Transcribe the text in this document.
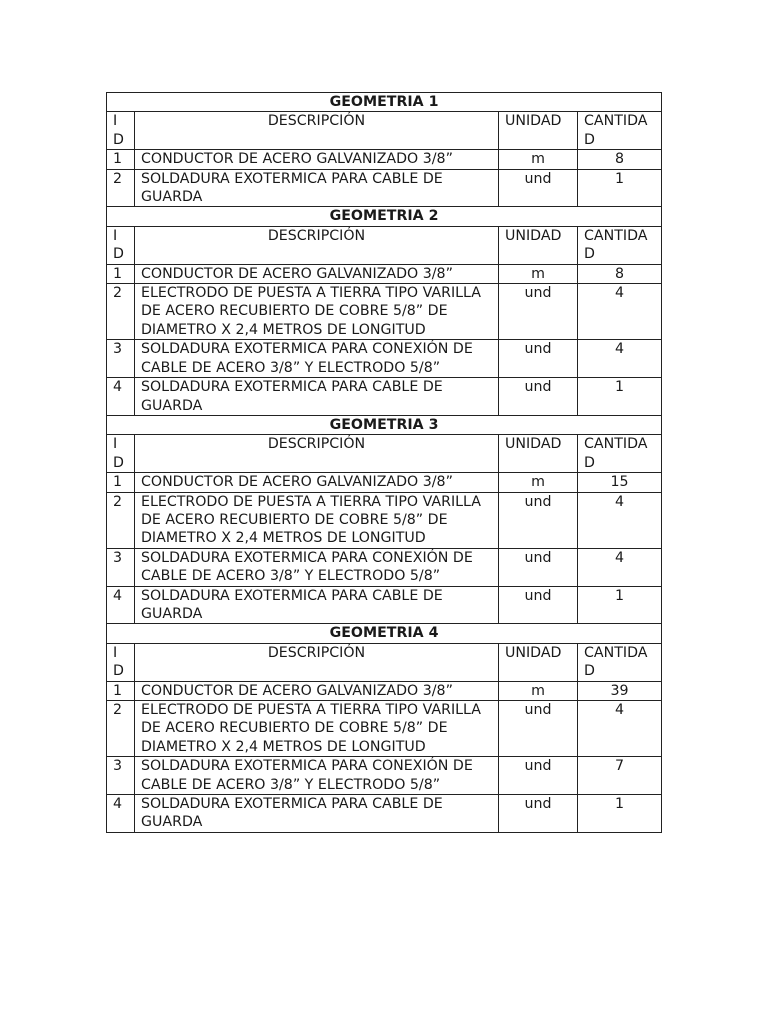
GEOMETRIA 1			
I D	DESCRIPCIÓN	UNIDAD	CANTIDAD
1	CONDUCTOR DE ACERO GALVANIZADO 3/8”	m	8
2	SOLDADURA EXOTERMICA PARA CABLE DE GUARDA	und	1
GEOMETRIA 2			
I D	DESCRIPCIÓN	UNIDAD	CANTIDAD
1	CONDUCTOR DE ACERO GALVANIZADO 3/8”	m	8
2	ELECTRODO DE PUESTA A TIERRA TIPO VARILLA DE ACERO RECUBIERTO DE COBRE 5/8” DE DIAMETRO X 2,4 METROS DE LONGITUD	und	4
3	SOLDADURA EXOTERMICA PARA CONEXIÓN DE CABLE DE ACERO 3/8” Y ELECTRODO 5/8”	und	4
4	SOLDADURA EXOTERMICA PARA CABLE DE GUARDA	und	1
GEOMETRIA 3			
I D	DESCRIPCIÓN	UNIDAD	CANTIDAD
1	CONDUCTOR DE ACERO GALVANIZADO 3/8”	m	15
2	ELECTRODO DE PUESTA A TIERRA TIPO VARILLA DE ACERO RECUBIERTO DE COBRE 5/8” DE DIAMETRO X 2,4 METROS DE LONGITUD	und	4
3	SOLDADURA EXOTERMICA PARA CONEXIÓN DE CABLE DE ACERO 3/8” Y ELECTRODO 5/8”	und	4
4	SOLDADURA EXOTERMICA PARA CABLE DE GUARDA	und	1
GEOMETRIA 4			
I D	DESCRIPCIÓN	UNIDAD	CANTIDAD
1	CONDUCTOR DE ACERO GALVANIZADO 3/8”	m	39
2	ELECTRODO DE PUESTA A TIERRA TIPO VARILLA DE ACERO RECUBIERTO DE COBRE 5/8” DE DIAMETRO X 2,4 METROS DE LONGITUD	und	4
3	SOLDADURA EXOTERMICA PARA CONEXIÓN DE CABLE DE ACERO 3/8” Y ELECTRODO 5/8”	und	7
4	SOLDADURA EXOTERMICA PARA CABLE DE GUARDA	und	1
